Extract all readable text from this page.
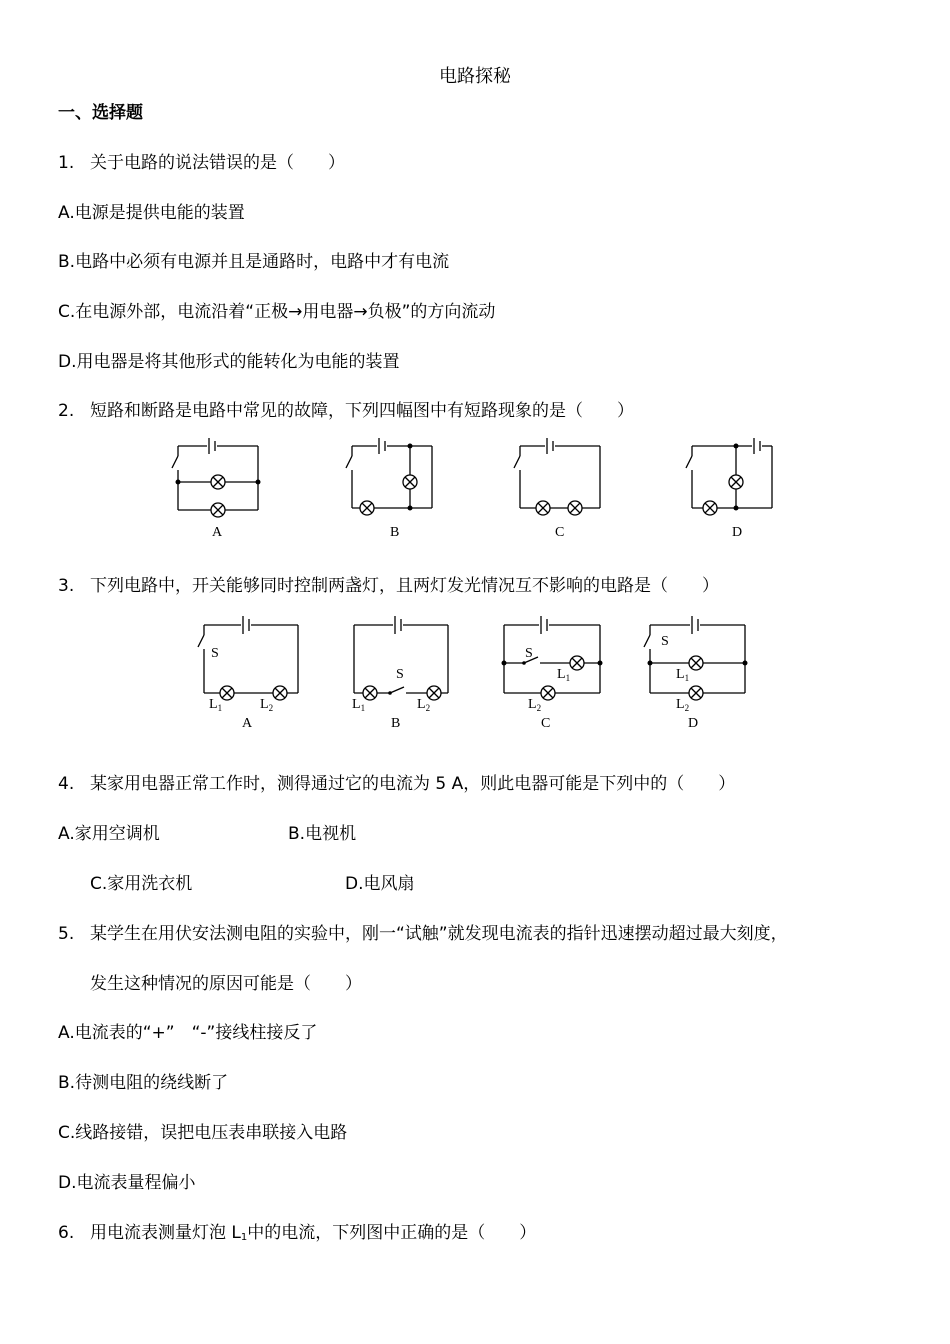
电路探秘
一、选择题
1. 关于电路的说法错误的是（　　）
A.电源是提供电能的装置
B.电路中必须有电源并且是通路时，电路中才有电流
C.在电源外部，电流沿着“正极→用电器→负极”的方向流动
D.用电器是将其他形式的能转化为电能的装置
2. 短路和断路是电路中常见的故障，下列四幅图中有短路现象的是（　　）
A	B	C	D
3. 下列电路中，开关能够同时控制两盏灯，且两灯发光情况互不影响的电路是（　　）
S
$L_1$	$L_2$
A
S
$L_1$	$L_2$
B
S
$L_1$
$L_2$
C
S
$L_1$
$L_2$
D
4. 某家用电器正常工作时，测得通过它的电流为 5 A，则此电器可能是下列中的（　　）
A.家用空调机	B.电视机
C.家用洗衣机	D.电风扇
5. 某学生在用伏安法测电阻的实验中，刚一“试触”就发现电流表的指针迅速摆动超过最大刻度，
发生这种情况的原因可能是（　　）
A.电流表的“+”　“-”接线柱接反了
B.待测电阻的绕线断了
C.线路接错，误把电压表串联接入电路
D.电流表量程偏小
6. 用电流表测量灯泡 $L_1$中的电流，下列图中正确的是（　　）
